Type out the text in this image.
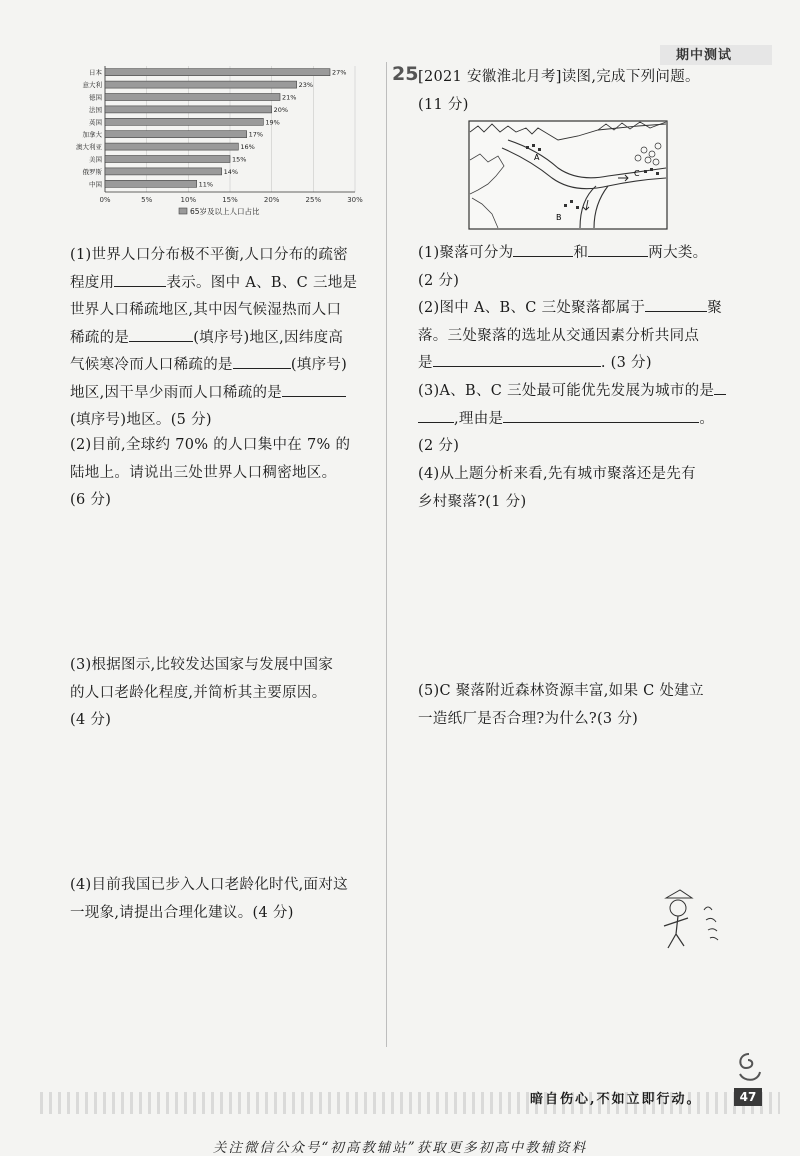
期中测试
0%	5%	10%	15%	20%	25%	30%
日本	27%
意大利	23%
德国	21%
法国	20%
英国	19%
加拿大	17%
澳大利亚	16%
美国	15%
俄罗斯	14%
中国	11%
65岁及以上人口占比
(1)世界人口分布极不平衡,人口分布的疏密
程度用	表示。图中 A、B、C 三地是
世界人口稀疏地区,其中因气候湿热而人口
稀疏的是	(填序号)地区,因纬度高
气候寒冷而人口稀疏的是	(填序号)
地区,因干旱少雨而人口稀疏的是
(填序号)地区。(5 分)
(2)目前,全球约 70% 的人口集中在 7% 的
陆地上。请说出三处世界人口稠密地区。
(6 分)
(3)根据图示,比较发达国家与发展中国家
的人口老龄化程度,并简析其主要原因。
(4 分)
(4)目前我国已步入人口老龄化时代,面对这
一现象,请提出合理化建议。(4 分)
25 [2021 安徽淮北月考]读图,完成下列问题。
(11 分)
A
B
C
(1)聚落可分为	和	两大类。
(2 分)
(2)图中 A、B、C 三处聚落都属于	聚
落。三处聚落的选址从交通因素分析共同点
是	. (3 分)
(3)A、B、C 三处最可能优先发展为城市的是
,理由是	。
(2 分)
(4)从上题分析来看,先有城市聚落还是先有
乡村聚落?(1 分)
(5)C 聚落附近森林资源丰富,如果 C 处建立
一造纸厂是否合理?为什么?(3 分)
暗自伤心,不如立即行动。	47
关注微信公众号“初高教辅站”获取更多初高中教辅资料
